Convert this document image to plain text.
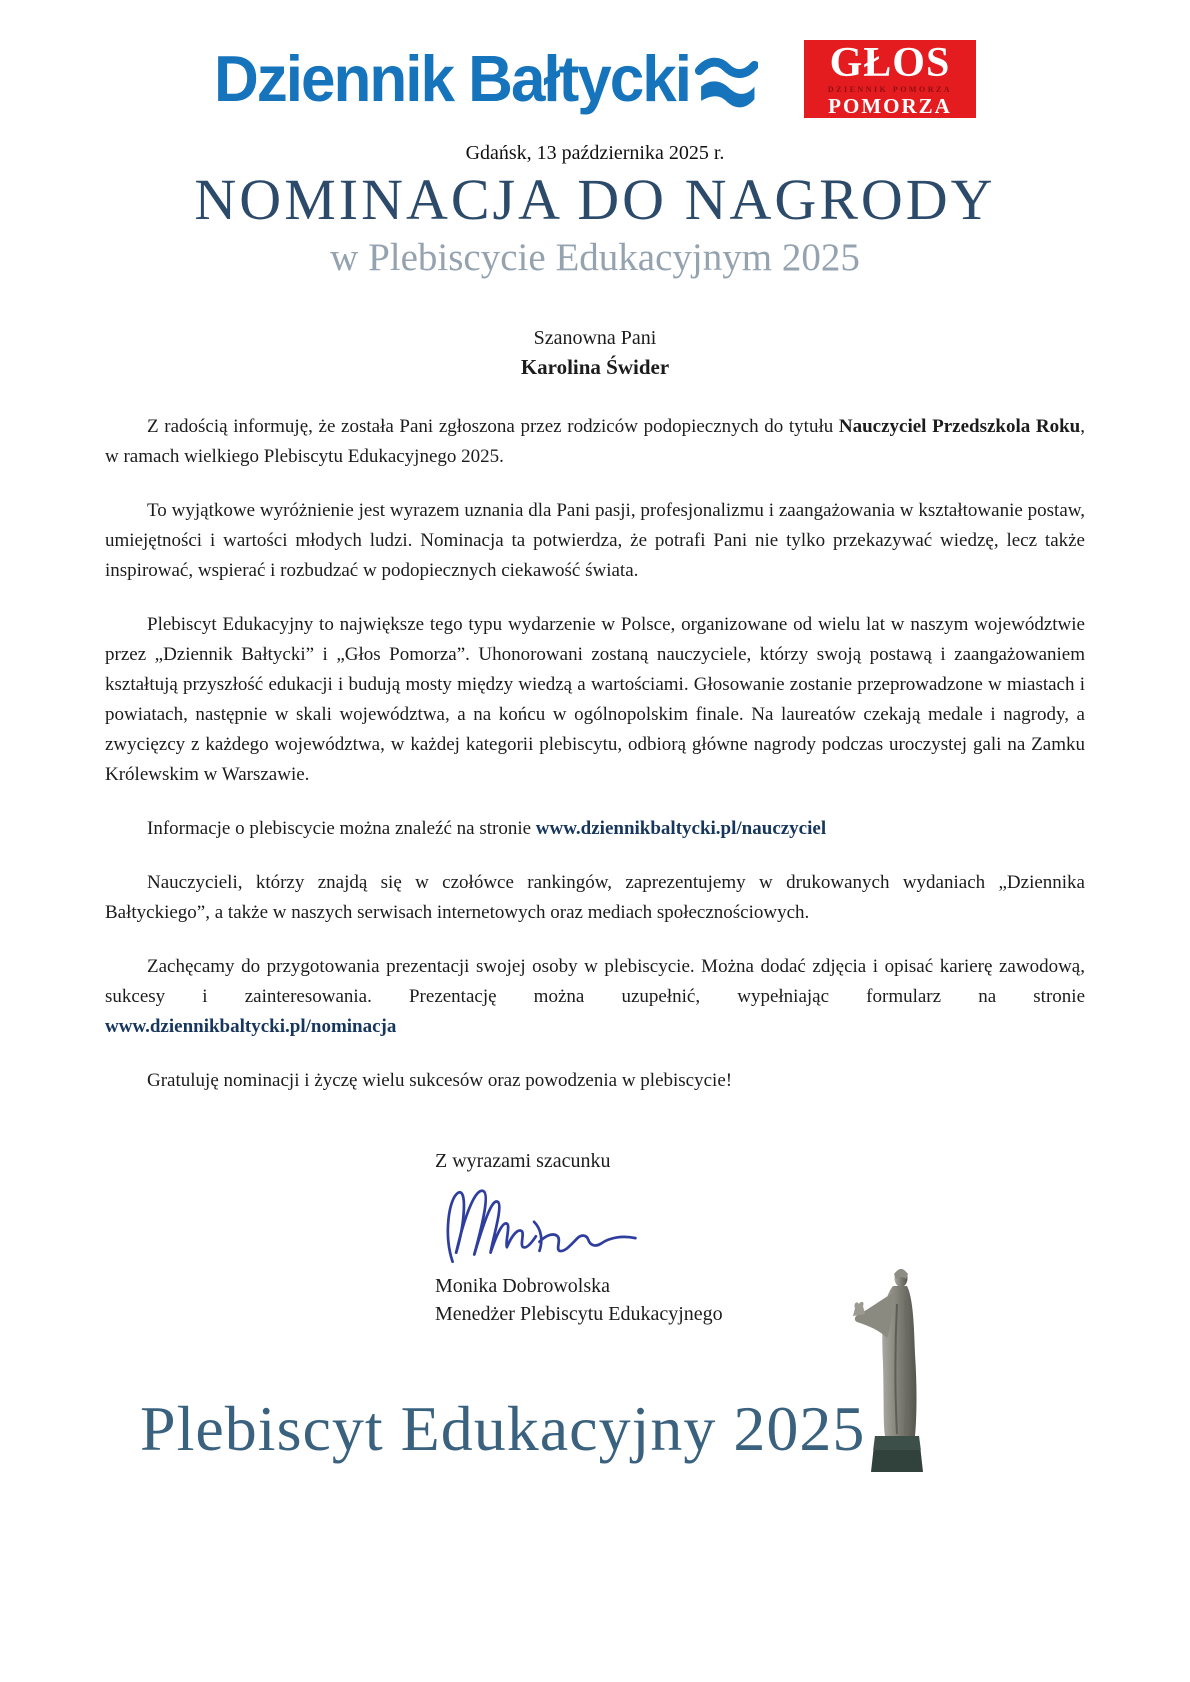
Dziennik Bałtycki	GŁOS
DZIENNIK POMORZA
POMORZA
Gdańsk, 13 października 2025 r.
NOMINACJA DO NAGRODY
w Plebiscycie Edukacyjnym 2025
Szanowna Pani
Karolina Świder

Z radością informuję, że została Pani zgłoszona przez rodziców podopiecznych do tytułu Nauczyciel Przedszkola Roku, w ramach wielkiego Plebiscytu Edukacyjnego 2025.

To wyjątkowe wyróżnienie jest wyrazem uznania dla Pani pasji, profesjonalizmu i zaangażowania w kształtowanie postaw, umiejętności i wartości młodych ludzi. Nominacja ta potwierdza, że potrafi Pani nie tylko przekazywać wiedzę, lecz także inspirować, wspierać i rozbudzać w podopiecznych ciekawość świata.

Plebiscyt Edukacyjny to największe tego typu wydarzenie w Polsce, organizowane od wielu lat w naszym województwie przez „Dziennik Bałtycki” i „Głos Pomorza”. Uhonorowani zostaną nauczyciele, którzy swoją postawą i zaangażowaniem kształtują przyszłość edukacji i budują mosty między wiedzą a wartościami. Głosowanie zostanie przeprowadzone w miastach i powiatach, następnie w skali województwa, a na końcu w ogólnopolskim finale. Na laureatów czekają medale i nagrody, a zwycięzcy z każdego województwa, w każdej kategorii plebiscytu, odbiorą główne nagrody podczas uroczystej gali na Zamku Królewskim w Warszawie.

Informacje o plebiscycie można znaleźć na stronie www.dziennikbaltycki.pl/nauczyciel

Nauczycieli, którzy znajdą się w czołówce rankingów, zaprezentujemy w drukowanych wydaniach „Dziennika Bałtyckiego”, a także w naszych serwisach internetowych oraz mediach społecznościowych.

Zachęcamy do przygotowania prezentacji swojej osoby w plebiscycie. Można dodać zdjęcia i opisać karierę zawodową, sukcesy i zainteresowania. Prezentację można uzupełnić, wypełniając formularz na stronie www.dziennikbaltycki.pl/nominacja

Gratuluję nominacji i życzę wielu sukcesów oraz powodzenia w plebiscycie!

Z wyrazami szacunku
Monika Dobrowolska
Menedżer Plebiscytu Edukacyjnego
Plebiscyt Edukacyjny 2025
